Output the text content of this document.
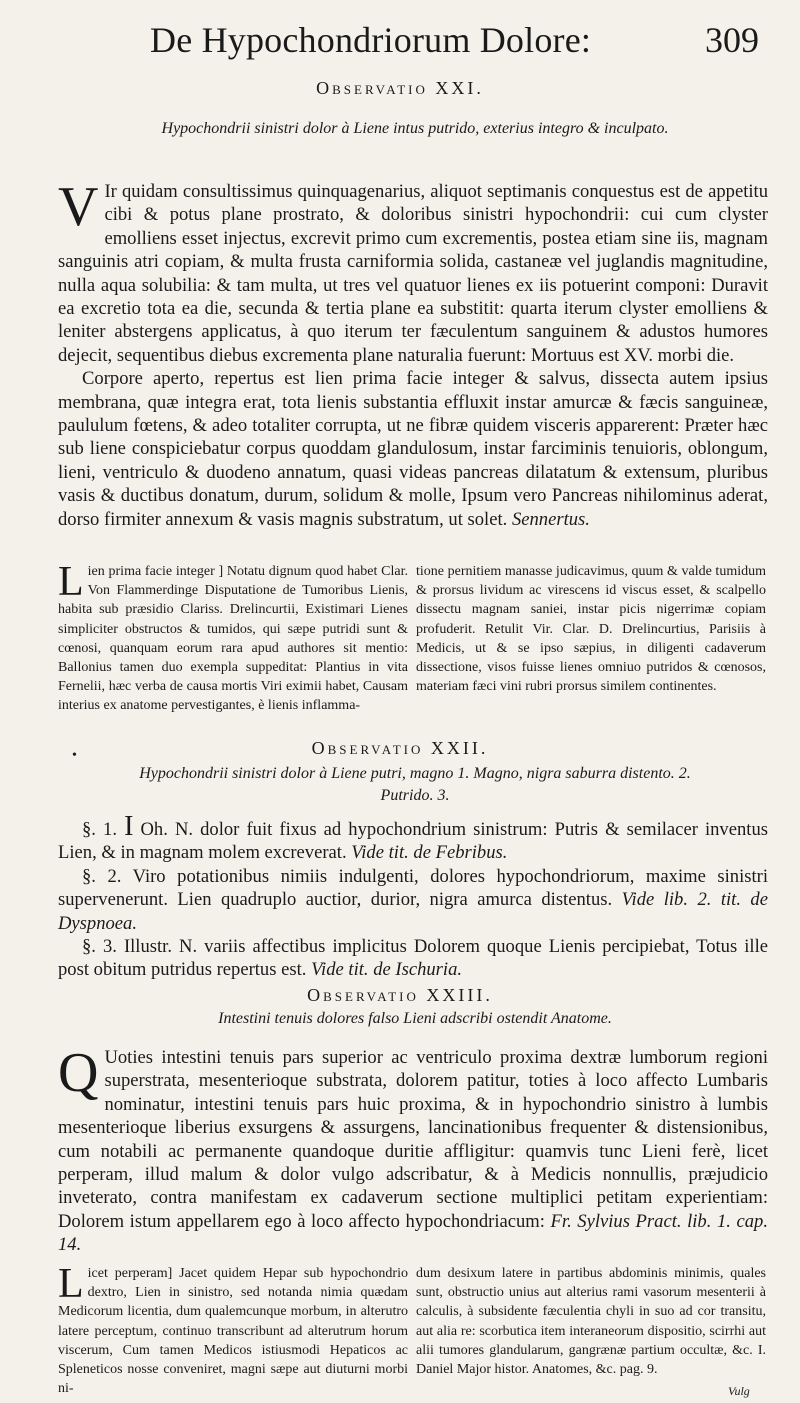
De Hypochondriorum Dolore:	309
Observatio XXI.
Hypochondrii sinistri dolor à Liene intus putrido, exterius integro & inculpato.

V Ir quidam consultissimus quinquagenarius, aliquot septimanis conquestus est de appetitu cibi & potus plane prostrato, & doloribus sinistri hypochondrii: cui cum clyster emolliens esset injectus, excrevit primo cum excrementis, postea etiam sine iis, magnam sanguinis atri copiam, & multa frusta carniformia solida, castaneæ vel juglandis magnitudine, nulla aqua solubilia: & tam multa, ut tres vel quatuor lienes ex iis potuerint componi: Duravit ea excretio tota ea die, secunda & tertia plane ea substitit: quarta iterum clyster emolliens & leniter abstergens applicatus, à quo iterum ter fæculentum sanguinem & adustos humores dejecit, sequentibus diebus excrementa plane naturalia fuerunt: Mortuus est XV. morbi die.

Corpore aperto, repertus est lien prima facie integer & salvus, dissecta autem ipsius membrana, quæ integra erat, tota lienis substantia effluxit instar amurcæ & fæcis sanguineæ, paululum fœtens, & adeo totaliter corrupta, ut ne fibræ quidem visceris apparerent: Præter hæc sub liene conspiciebatur corpus quoddam glandulosum, instar farciminis tenuioris, oblongum, lieni, ventriculo & duodeno annatum, quasi videas pancreas dilatatum & extensum, pluribus vasis & ductibus donatum, durum, solidum & molle, Ipsum vero Pancreas nihilominus aderat, dorso firmiter annexum & vasis magnis substratum, ut solet. Sennertus.

Lien prima facie integer ] Notatu dignum quod habet Clar. Von Flammerdinge Disputatione de Tumoribus Lienis, habita sub præsidio Clariss. Drelincurtii, Existimari Lienes simpliciter obstructos & tumidos, qui sæpe putridi sunt & cœnosi, quanquam eorum rara apud authores sit mentio: Ballonius tamen duo exempla suppeditat: Plantius in vita Fernelii, hæc verba de causa mortis Viri eximii habet, Causam interius ex anatome pervestigantes, è lienis inflamma-

tione pernitiem manasse judicavimus, quum & valde tumidum & prorsus lividum ac virescens id viscus esset, & scalpello dissectu magnam saniei, instar picis nigerrimæ copiam profuderit. Retulit Vir. Clar. D. Drelincurtius, Parisiis à Medicis, ut & se ipso sæpius, in diligenti cadaverum dissectione, visos fuisse lienes omniuo putridos & cœnosos, materiam fæci vini rubri prorsus similem continentes.

•	Observatio XXII.
Hypochondrii sinistri dolor à Liene putri, magno 1. Magno, nigra saburra distento. 2. Putrido. 3.

§. 1. I Oh. N. dolor fuit fixus ad hypochondrium sinistrum: Putris & semilacer inventus Lien, & in magnam molem excreverat. Vide tit. de Febribus.

§. 2. Viro potationibus nimiis indulgenti, dolores hypochondriorum, maxime sinistri supervenerunt. Lien quadruplo auctior, durior, nigra amurca distentus. Vide lib. 2. tit. de Dyspnoea.

§. 3. Illustr. N. variis affectibus implicitus Dolorem quoque Lienis percipiebat, Totus ille post obitum putridus repertus est. Vide tit. de Ischuria.

Observatio XXIII.
Intestini tenuis dolores falso Lieni adscribi ostendit Anatome.

Q Uoties intestini tenuis pars superior ac ventriculo proxima dextræ lumborum regioni superstrata, mesenterioque substrata, dolorem patitur, toties à loco affecto Lumbaris nominatur, intestini tenuis pars huic proxima, & in hypochondrio sinistro à lumbis mesenterioque liberius exsurgens & assurgens, lancinationibus frequenter & distensionibus, cum notabili ac permanente quandoque duritie affligitur: quamvis tunc Lieni ferè, licet perperam, illud malum & dolor vulgo adscribatur, & à Medicis nonnullis, præjudicio inveterato, contra manifestam ex cadaverum sectione multiplici petitam experientiam: Dolorem istum appellarem ego à loco affecto hypochondriacum: Fr. Sylvius Pract. lib. 1. cap. 14.

Licet perperam] Jacet quidem Hepar sub hypochondrio dextro, Lien in sinistro, sed notanda nimia quædam Medicorum licentia, dum qualemcunque morbum, in alterutro latere perceptum, continuo transcribunt ad alterutrum horum viscerum, Cum tamen Medicos istiusmodi Hepaticos ac Spleneticos nosse conveniret, magni sæpe aut diuturni morbi ni-

dum desixum latere in partibus abdominis minimis, quales sunt, obstructio unius aut alterius rami vasorum mesenterii à calculis, à subsidente fæculentia chyli in suo ad cor transitu, aut alia re: scorbutica item interaneorum dispositio, scirrhi aut alii tumores glandularum, gangrænæ partium occultæ, &c. I. Daniel Major histor. Anatomes, &c. pag. 9.

Vulg
